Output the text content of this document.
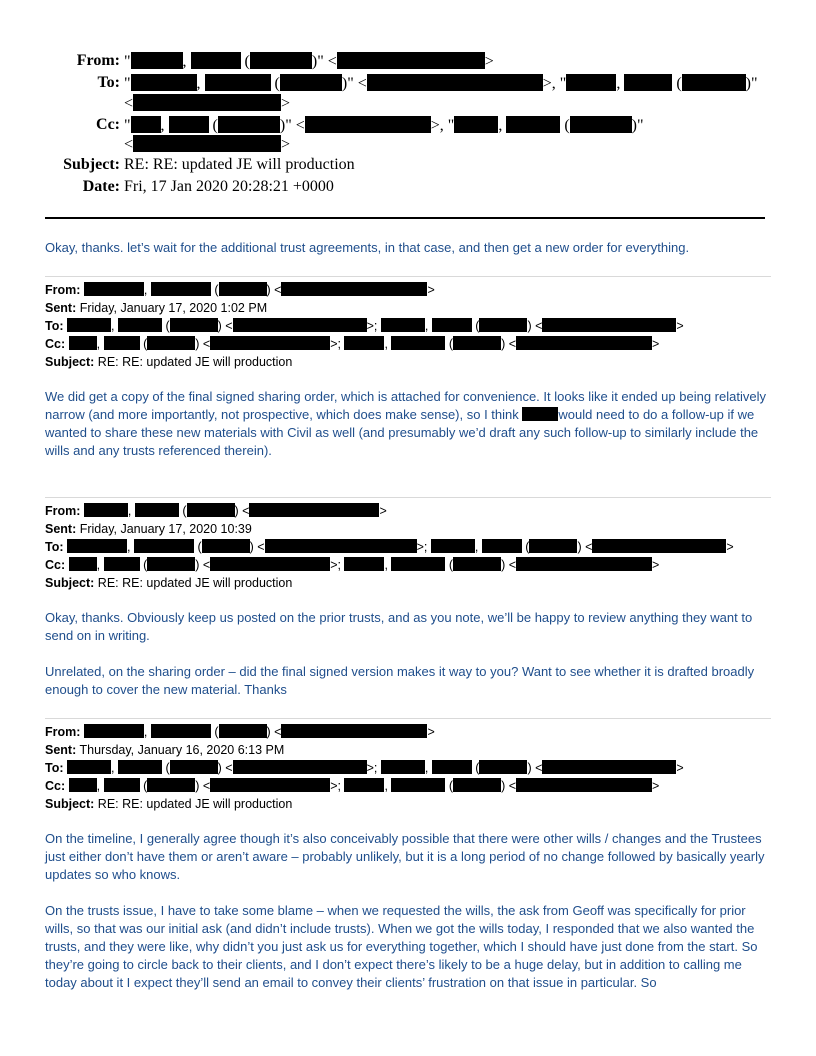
From: "	,	(	)" <	>
To: "	,	(	)" <	>, "	,	(	)"
<	>
Cc: " ,	(	)" <	>, "	,	(	)"
<	>
Subject: RE: RE: updated JE will production
Date: Fri, 17 Jan 2020 20:28:21 +0000

Okay, thanks. let’s wait for the additional trust agreements, in that case, and then get a new order for everything.

From:	,	(	) <	>
Sent: Friday, January 17, 2020 1:02 PM
To:	,	(	) <	>;	,	(	) <	>
Cc:	,	(	) <	>;	,	(	) <	>
Subject: RE: RE: updated JE will production

We did get a copy of the final signed sharing order, which is attached for convenience. It looks like it ended up being relatively narrow (and more importantly, not prospective, which does make sense), so I think	would need to do a follow-up if we wanted to share these new materials with Civil as well (and presumably we’d draft any such follow-up to similarly include the wills and any trusts referenced therein).

From:	,	(	) <	>
Sent: Friday, January 17, 2020 10:39
To:	,	(	) <	>;	,	(	) <	>
Cc:	,	(	) <	>;	,	(	) <	>
Subject: RE: RE: updated JE will production

Okay, thanks. Obviously keep us posted on the prior trusts, and as you note, we’ll be happy to review anything they want to send on in writing.

Unrelated, on the sharing order – did the final signed version makes it way to you? Want to see whether it is drafted broadly enough to cover the new material. Thanks

From:	,	(	) <	>
Sent: Thursday, January 16, 2020 6:13 PM
To:	,	(	) <	>;	,	(	) <	>
Cc:	,	(	) <	>;	,	(	) <	>
Subject: RE: RE: updated JE will production

On the timeline, I generally agree though it’s also conceivably possible that there were other wills / changes and the Trustees just either don’t have them or aren’t aware – probably unlikely, but it is a long period of no change followed by basically yearly updates so who knows.

On the trusts issue, I have to take some blame – when we requested the wills, the ask from Geoff was specifically for prior wills, so that was our initial ask (and didn’t include trusts). When we got the wills today, I responded that we also wanted the trusts, and they were like, why didn’t you just ask us for everything together, which I should have just done from the start. So they’re going to circle back to their clients, and I don’t expect there’s likely to be a huge delay, but in addition to calling me today about it I expect they’ll send an email to convey their clients’ frustration on that issue in particular. So
